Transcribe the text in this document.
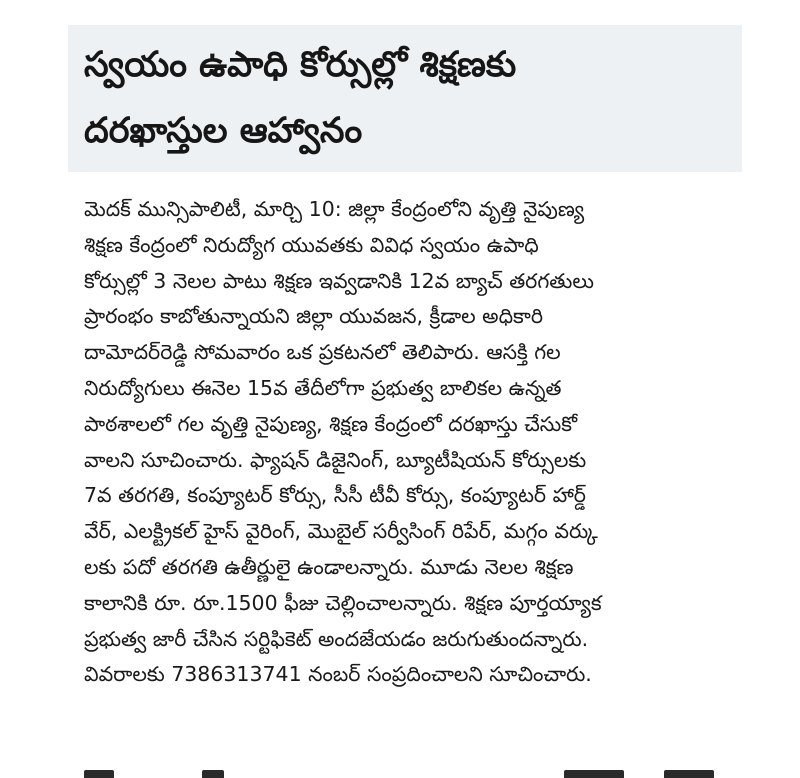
స్వయం ఉపాధి కోర్సుల్లో శిక్షణకు
దరఖాస్తుల ఆహ్వానం
మెదక్ మున్సిపాలిటీ, మార్చి 10: జిల్లా కేంద్రంలోని వృత్తి నైపుణ్య
శిక్షణ కేంద్రంలో నిరుద్యోగ యువతకు వివిధ స్వయం ఉపాధి
కోర్సుల్లో 3 నెలల పాటు శిక్షణ ఇవ్వడానికి 12వ బ్యాచ్ తరగతులు
ప్రారంభం కాబోతున్నాయని జిల్లా యువజన, క్రీడాల అధికారి
దామోదర్‌రెడ్డి సోమవారం ఒక ప్రకటనలో తెలిపారు. ఆసక్తి గల
నిరుద్యోగులు ఈనెల 15వ తేదీలోగా ప్రభుత్వ బాలికల ఉన్నత
పాఠశాలలో గల వృత్తి నైపుణ్య, శిక్షణ కేంద్రంలో దరఖాస్తు చేసుకో
వాలని సూచించారు. ఫ్యాషన్ డిజైనింగ్, బ్యూటీషియన్ కోర్సులకు
7వ తరగతి, కంప్యూటర్ కోర్సు, సీసీ టీవీ కోర్సు, కంప్యూటర్ హార్డ్
వేర్, ఎలక్ట్రికల్ హైస్ వైరింగ్, మొబైల్ సర్వీసింగ్ రిపేర్, మగ్గం వర్కు
లకు పదో తరగతి ఉతీర్ణులై ఉండాలన్నారు. మూడు నెలల శిక్షణ
కాలానికి రూ. రూ.1500 ఫీజు చెల్లించాలన్నారు. శిక్షణ పూర్తయ్యాక
ప్రభుత్వ జారీ చేసిన సర్టిఫికెట్ అందజేయడం జరుగుతుందన్నారు.
వివరాలకు 7386313741 నంబర్ సంప్రదించాలని సూచించారు.
